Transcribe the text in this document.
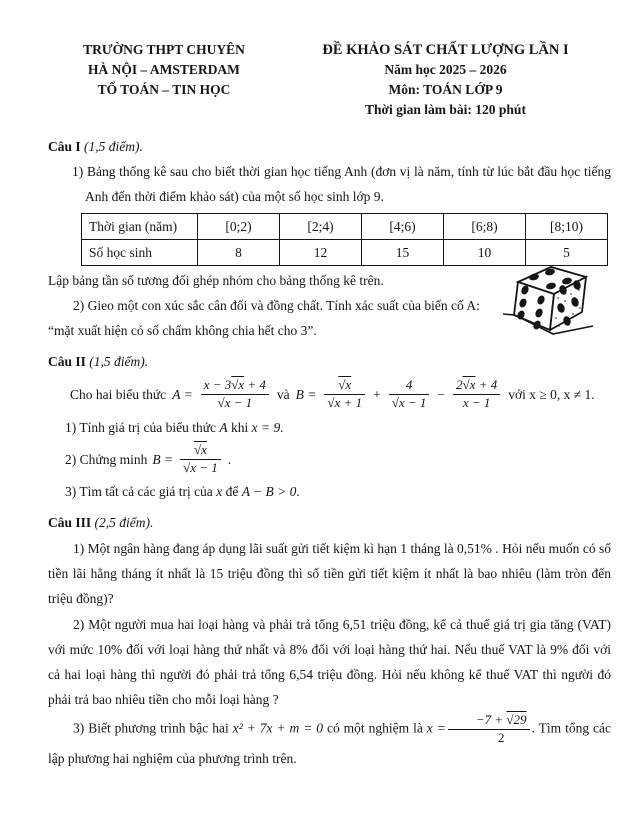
TRƯỜNG THPT CHUYÊN
HÀ NỘI – AMSTERDAM
TỔ TOÁN – TIN HỌC
ĐỀ KHẢO SÁT CHẤT LƯỢNG LẦN I
Năm học 2025 – 2026
Môn: TOÁN LỚP 9
Thời gian làm bài: 120 phút
Câu I (1,5 điểm).

1) Bảng thống kê sau cho biết thời gian học tiếng Anh (đơn vị là năm, tính từ lúc bắt đầu học tiếng Anh đến thời điểm khảo sát) của một số học sinh lớp 9.

Thời gian (năm)	[0;2)	[2;4)	[4;6)	[6;8)	[8;10)
Số học sinh	8	12	15	10	5

Lập bảng tần số tương đối ghép nhóm cho bảng thống kê trên.

2) Gieo một con xúc sắc cân đối và đồng chất. Tính xác suất của biến cố A: “mặt xuất hiện có số chấm không chia hết cho 3”.

Câu II (1,5 điểm).
Cho hai biểu thức $A = \frac{x - 3√x + 4}{√x - 1}$ và $B = \frac{√x}{√x + 1} + \frac{4}{√x - 1} - \frac{2√x + 4}{x - 1}$ với x ≥ 0, x ≠ 1.

1) Tính giá trị của biểu thức A khi x = 9.

2) Chứng minh $B = \frac{√x}{√x - 1}$ .

3) Tìm tất cả các giá trị của x để A − B > 0.

Câu III (2,5 điểm).

1) Một ngân hàng đang áp dụng lãi suất gửi tiết kiệm kì hạn 1 tháng là 0,51% . Hỏi nếu muốn có số tiền lãi hằng tháng ít nhất là 15 triệu đồng thì số tiền gửi tiết kiệm ít nhất là bao nhiêu (làm tròn đến triệu đồng)?

2) Một người mua hai loại hàng và phải trả tổng 6,51 triệu đồng, kể cả thuế giá trị gia tăng (VAT) với mức 10% đối với loại hàng thứ nhất và 8% đối với loại hàng thứ hai. Nếu thuế VAT là 9% đối với cả hai loại hàng thì người đó phải trả tổng 6,54 triệu đồng. Hỏi nếu không kể thuế VAT thì người đó phải trả bao nhiêu tiền cho mỗi loại hàng ?

3) Biết phương trình bậc hai x² + 7x + m = 0 có một nghiệm là $x = \frac{-7 + √29}{2}$ . Tìm tổng các lập phương hai nghiệm của phương trình trên.
